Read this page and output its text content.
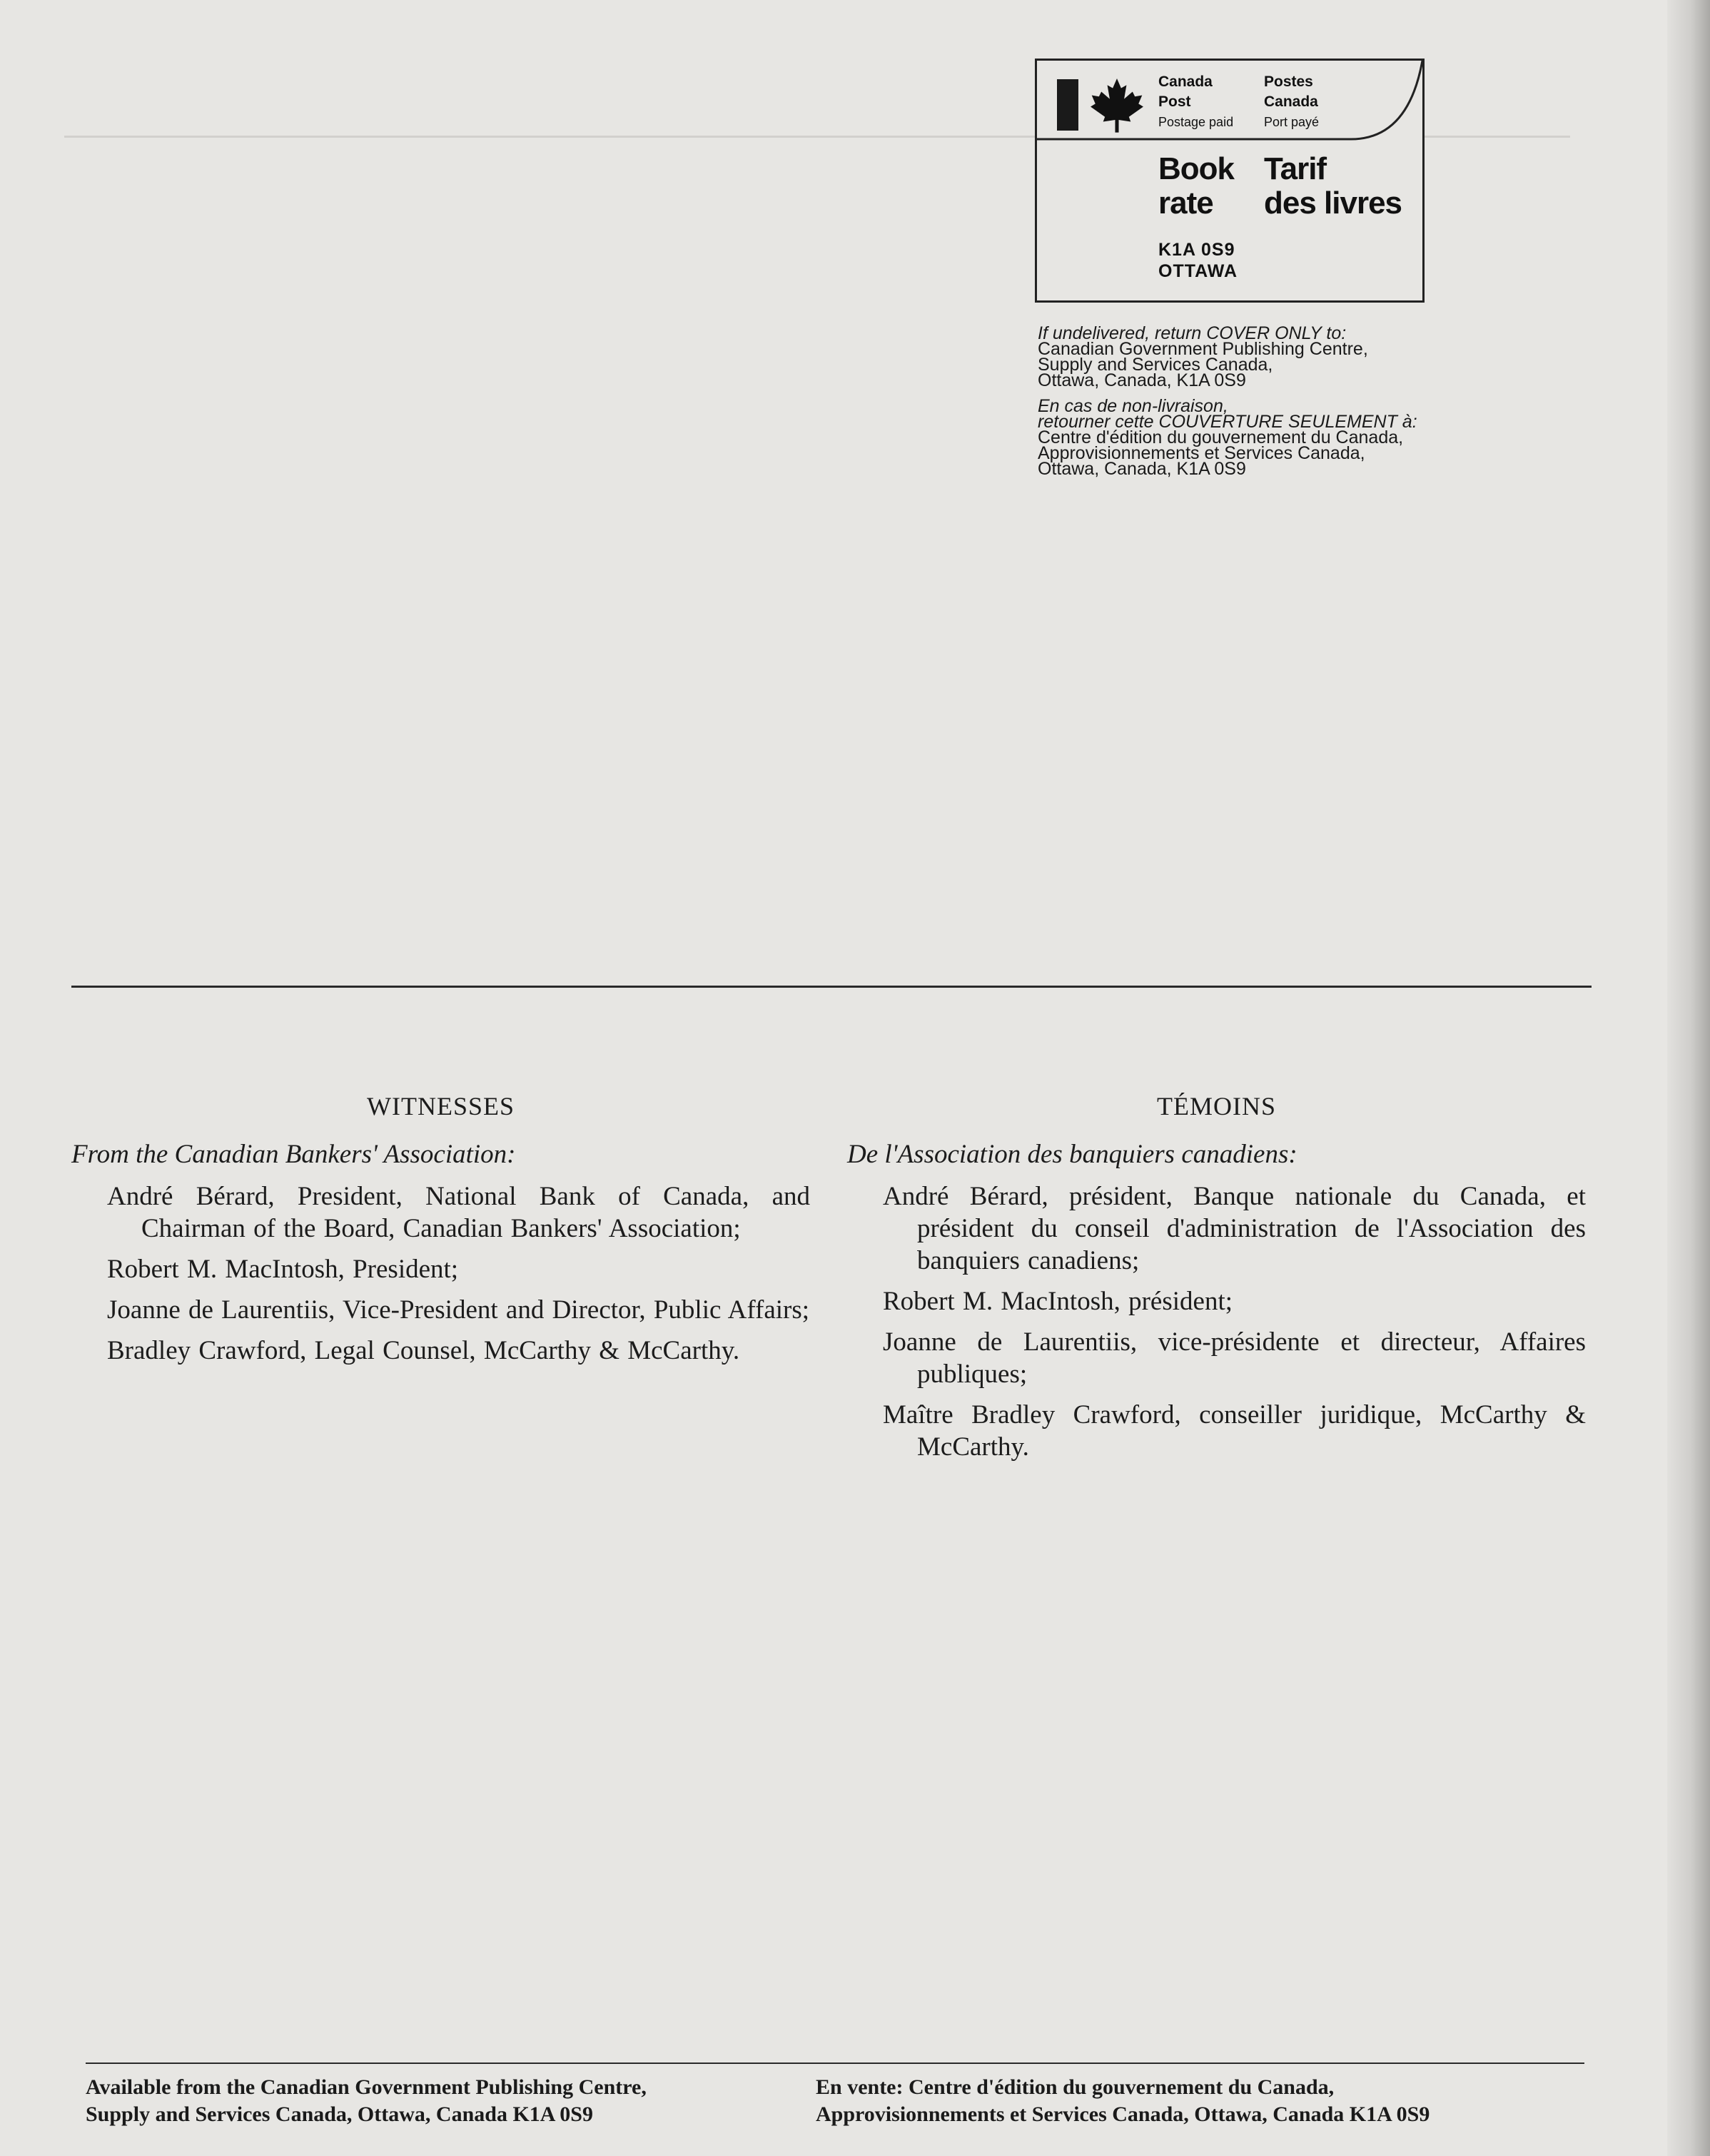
Canada
Post
Postage paid
Postes
Canada
Port payé
Book
rate
Tarif
des livres
K1A 0S9
OTTAWA
If undelivered, return COVER ONLY to:
Canadian Government Publishing Centre,
Supply and Services Canada,
Ottawa, Canada, K1A 0S9
En cas de non-livraison,
retourner cette COUVERTURE SEULEMENT à:
Centre d'édition du gouvernement du Canada,
Approvisionnements et Services Canada,
Ottawa, Canada, K1A 0S9

WITNESSES

From the Canadian Bankers' Association:

André Bérard, President, National Bank of Canada, and Chairman of the Board, Canadian Bankers' Association;

Robert M. MacIntosh, President;

Joanne de Laurentiis, Vice-President and Director, Public Affairs;

Bradley Crawford, Legal Counsel, McCarthy & McCarthy.

TÉMOINS

De l'Association des banquiers canadiens:

André Bérard, président, Banque nationale du Canada, et président du conseil d'administration de l'Association des banquiers canadiens;

Robert M. MacIntosh, président;

Joanne de Laurentiis, vice-présidente et directeur, Affaires publiques;

Maître Bradley Crawford, conseiller juridique, McCarthy & McCarthy.

Available from the Canadian Government Publishing Centre,
Supply and Services Canada, Ottawa, Canada K1A 0S9
En vente: Centre d'édition du gouvernement du Canada,
Approvisionnements et Services Canada, Ottawa, Canada K1A 0S9
